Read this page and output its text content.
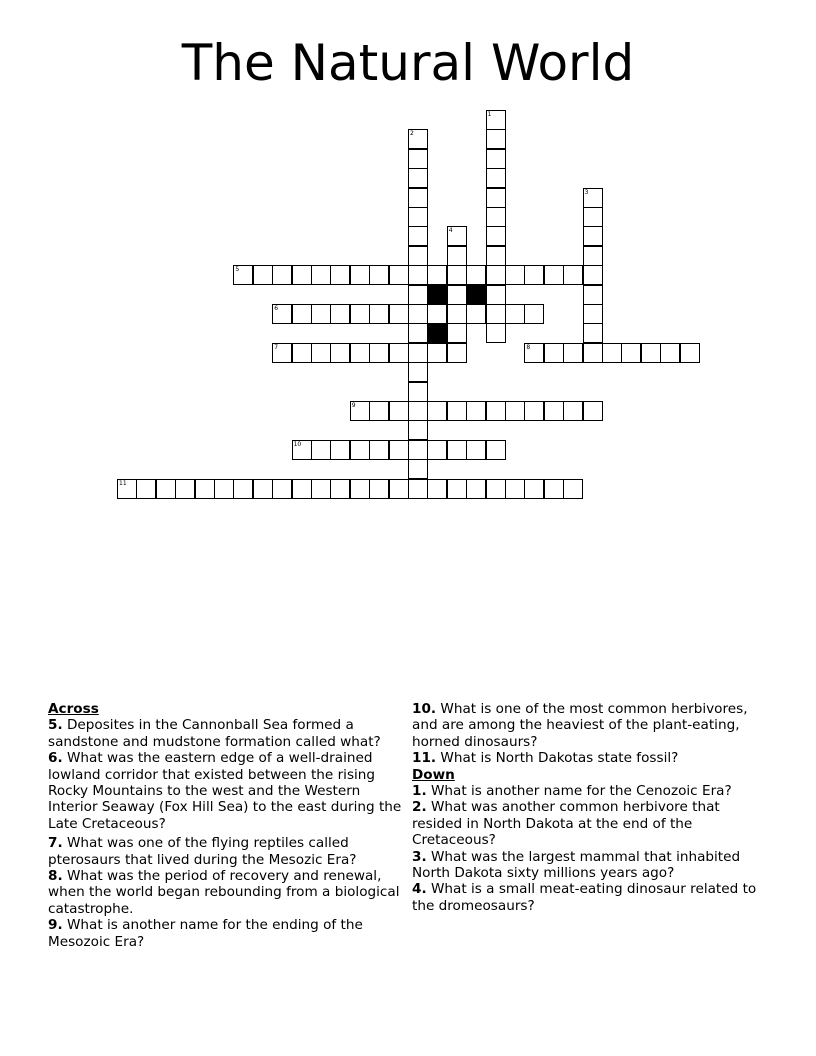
The Natural World
1
2
3
4
5
6
7	8
9
10
11
Across
5. Deposites in the Cannonball Sea formed a sandstone and mudstone formation called what?
6. What was the eastern edge of a well-drained lowland corridor that existed between the rising Rocky Mountains to the west and the Western Interior Seaway (Fox Hill Sea) to the east during the Late Cretaceous?
7. What was one of the flying reptiles called pterosaurs that lived during the Mesozic Era?
8. What was the period of recovery and renewal, when the world began rebounding from a biological catastrophe.
9. What is another name for the ending of the Mesozoic Era?
10. What is one of the most common herbivores, and are among the heaviest of the plant-eating, horned dinosaurs?
11. What is North Dakotas state fossil?
Down
1. What is another name for the Cenozoic Era?
2. What was another common herbivore that resided in North Dakota at the end of the Cretaceous?
3. What was the largest mammal that inhabited North Dakota sixty millions years ago?
4. What is a small meat-eating dinosaur related to the dromeosaurs?
